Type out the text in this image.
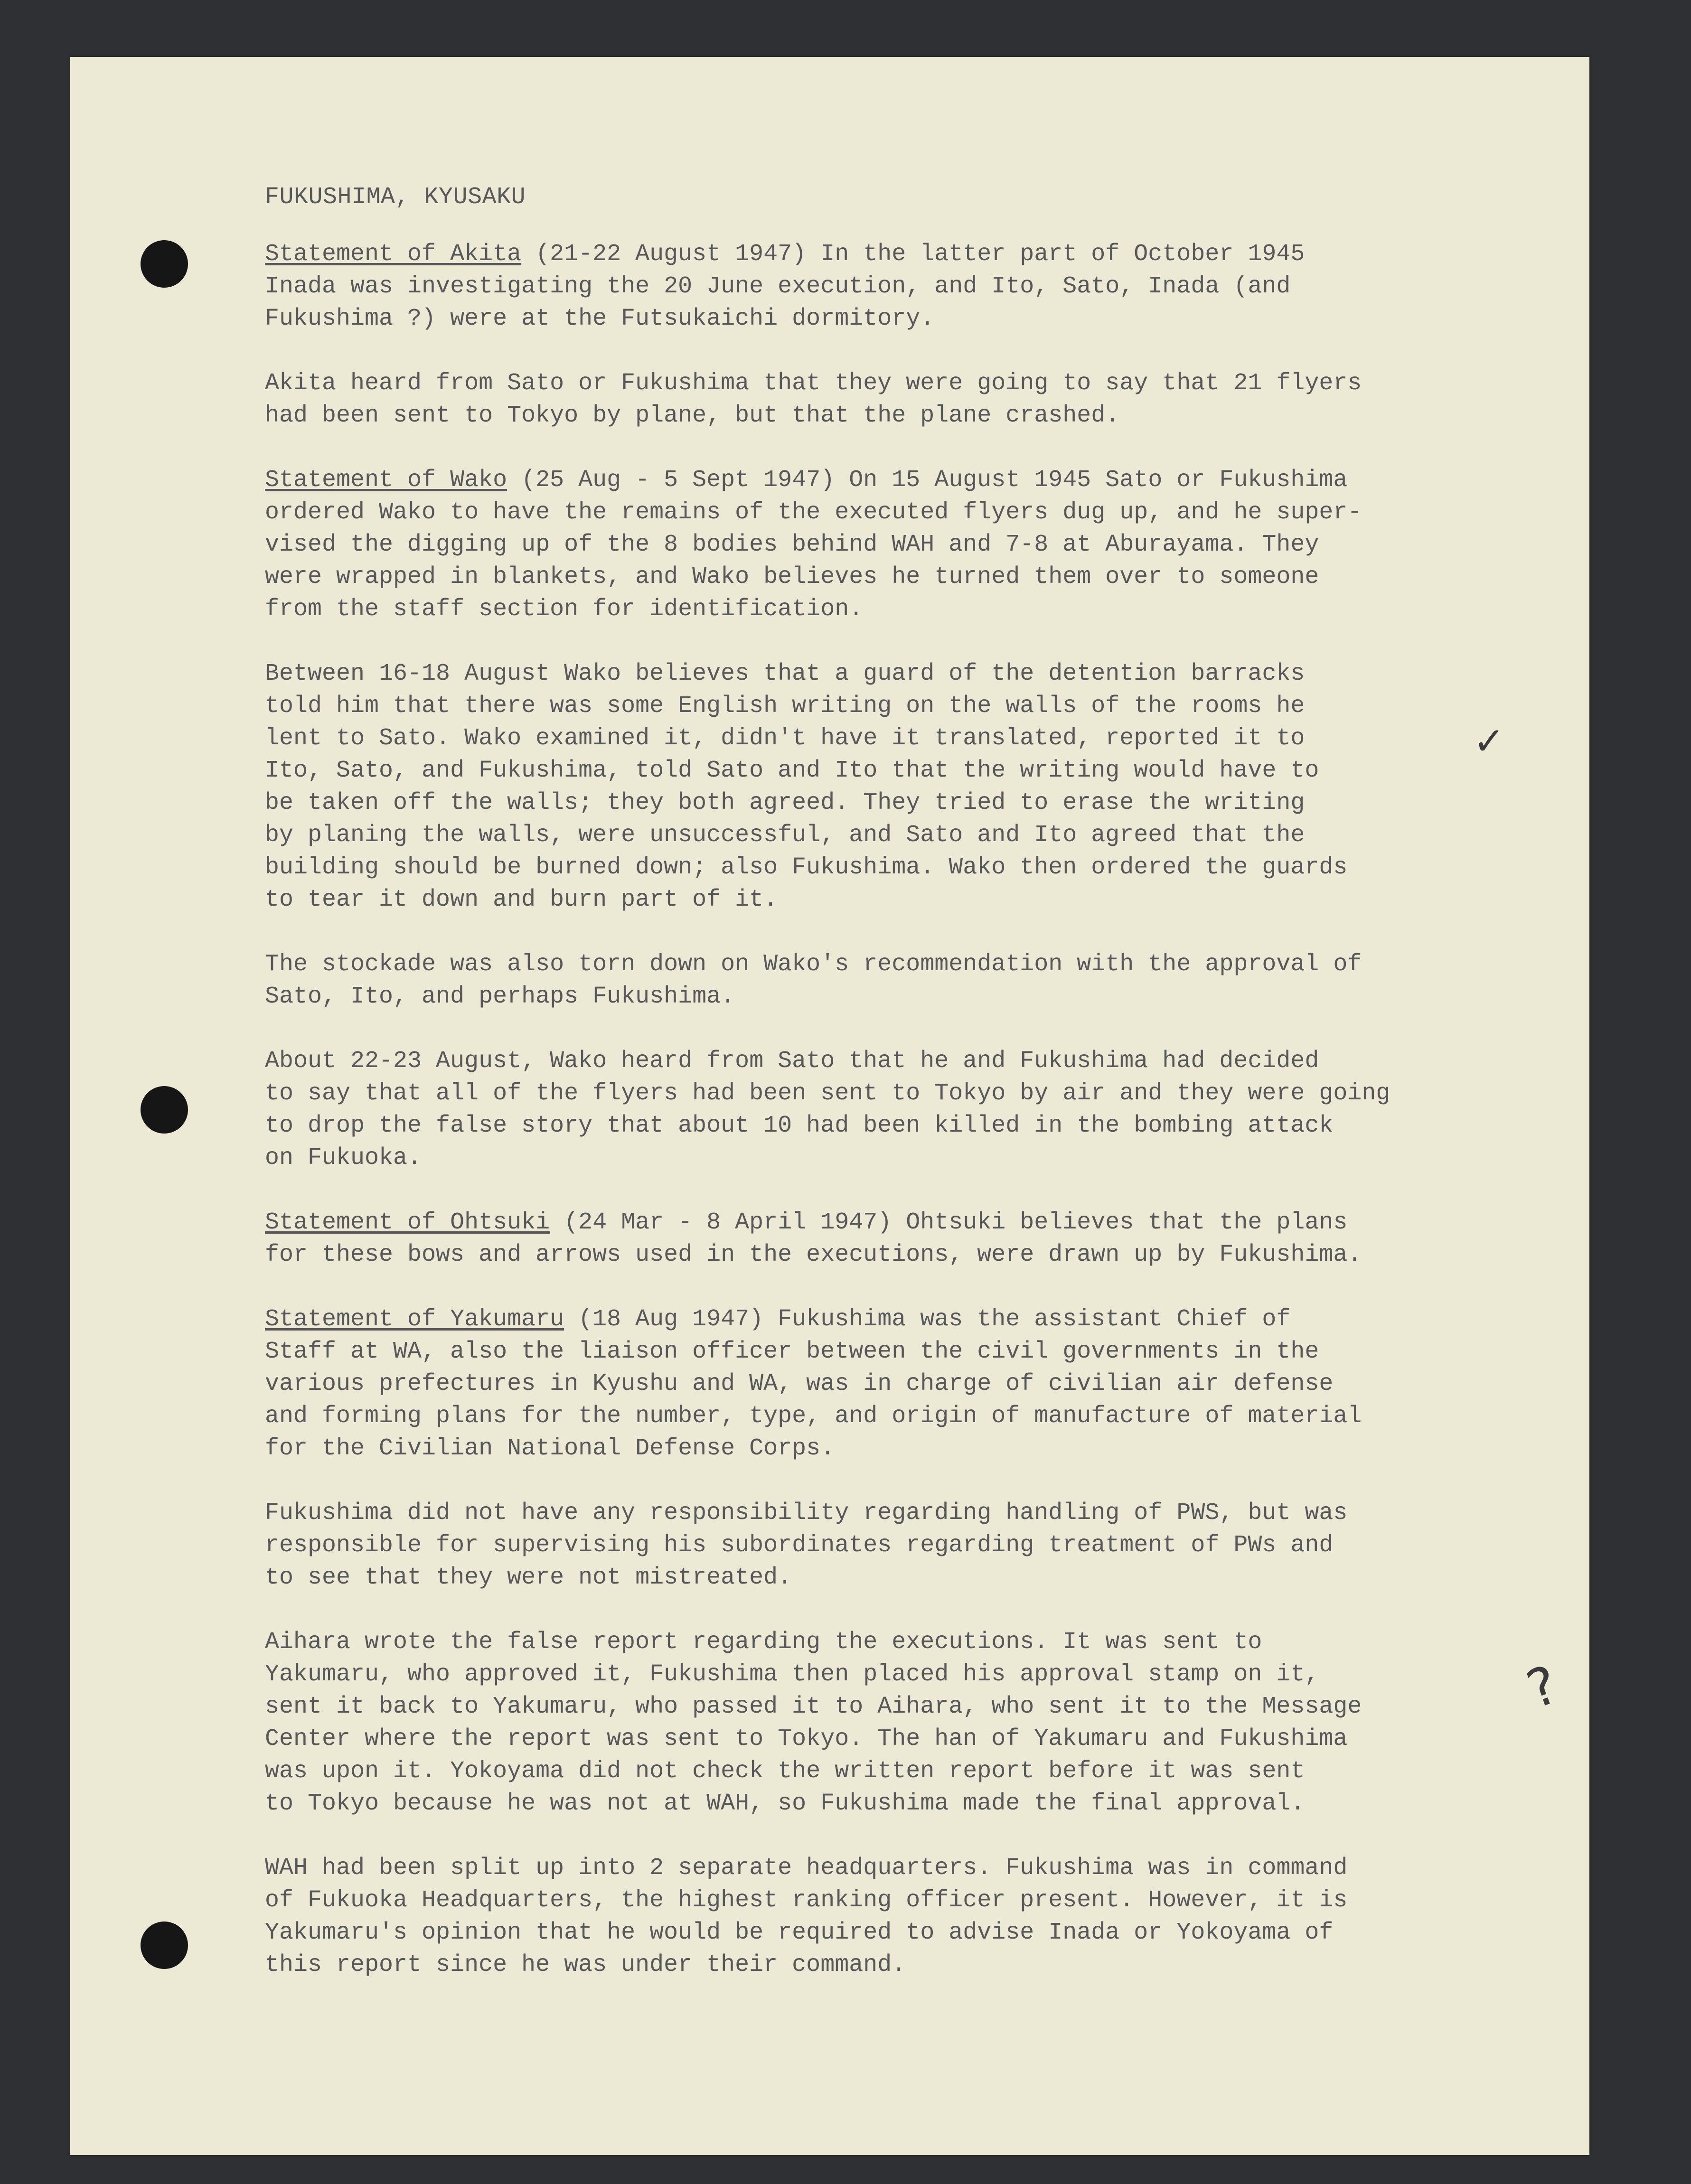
FUKUSHIMA, KYUSAKU
Statement of Akita (21-22 August 1947) In the latter part of October 1945
Inada was investigating the 20 June execution, and Ito, Sato, Inada (and
Fukushima ?) were at the Futsukaichi dormitory.
Akita heard from Sato or Fukushima that they were going to say that 21 flyers
had been sent to Tokyo by plane, but that the plane crashed.
Statement of Wako (25 Aug - 5 Sept 1947) On 15 August 1945 Sato or Fukushima
ordered Wako to have the remains of the executed flyers dug up, and he super-
vised the digging up of the 8 bodies behind WAH and 7-8 at Aburayama. They
were wrapped in blankets, and Wako believes he turned them over to someone
from the staff section for identification.
Between 16-18 August Wako believes that a guard of the detention barracks
told him that there was some English writing on the walls of the rooms he
lent to Sato. Wako examined it, didn't have it translated, reported it to
Ito, Sato, and Fukushima, told Sato and Ito that the writing would have to
be taken off the walls; they both agreed. They tried to erase the writing
by planing the walls, were unsuccessful, and Sato and Ito agreed that the
building should be burned down; also Fukushima. Wako then ordered the guards
to tear it down and burn part of it.
The stockade was also torn down on Wako's recommendation with the approval of
Sato, Ito, and perhaps Fukushima.
About 22-23 August, Wako heard from Sato that he and Fukushima had decided
to say that all of the flyers had been sent to Tokyo by air and they were going
to drop the false story that about 10 had been killed in the bombing attack
on Fukuoka.
Statement of Ohtsuki (24 Mar - 8 April 1947) Ohtsuki believes that the plans
for these bows and arrows used in the executions, were drawn up by Fukushima.
Statement of Yakumaru (18 Aug 1947) Fukushima was the assistant Chief of
Staff at WA, also the liaison officer between the civil governments in the
various prefectures in Kyushu and WA, was in charge of civilian air defense
and forming plans for the number, type, and origin of manufacture of material
for the Civilian National Defense Corps.
Fukushima did not have any responsibility regarding handling of PWS, but was
responsible for supervising his subordinates regarding treatment of PWs and
to see that they were not mistreated.
Aihara wrote the false report regarding the executions. It was sent to
Yakumaru, who approved it, Fukushima then placed his approval stamp on it,
sent it back to Yakumaru, who passed it to Aihara, who sent it to the Message
Center where the report was sent to Tokyo. The han of Yakumaru and Fukushima
was upon it. Yokoyama did not check the written report before it was sent
to Tokyo because he was not at WAH, so Fukushima made the final approval.
WAH had been split up into 2 separate headquarters. Fukushima was in command
of Fukuoka Headquarters, the highest ranking officer present. However, it is
Yakumaru's opinion that he would be required to advise Inada or Yokoyama of
this report since he was under their command.
✓
?
